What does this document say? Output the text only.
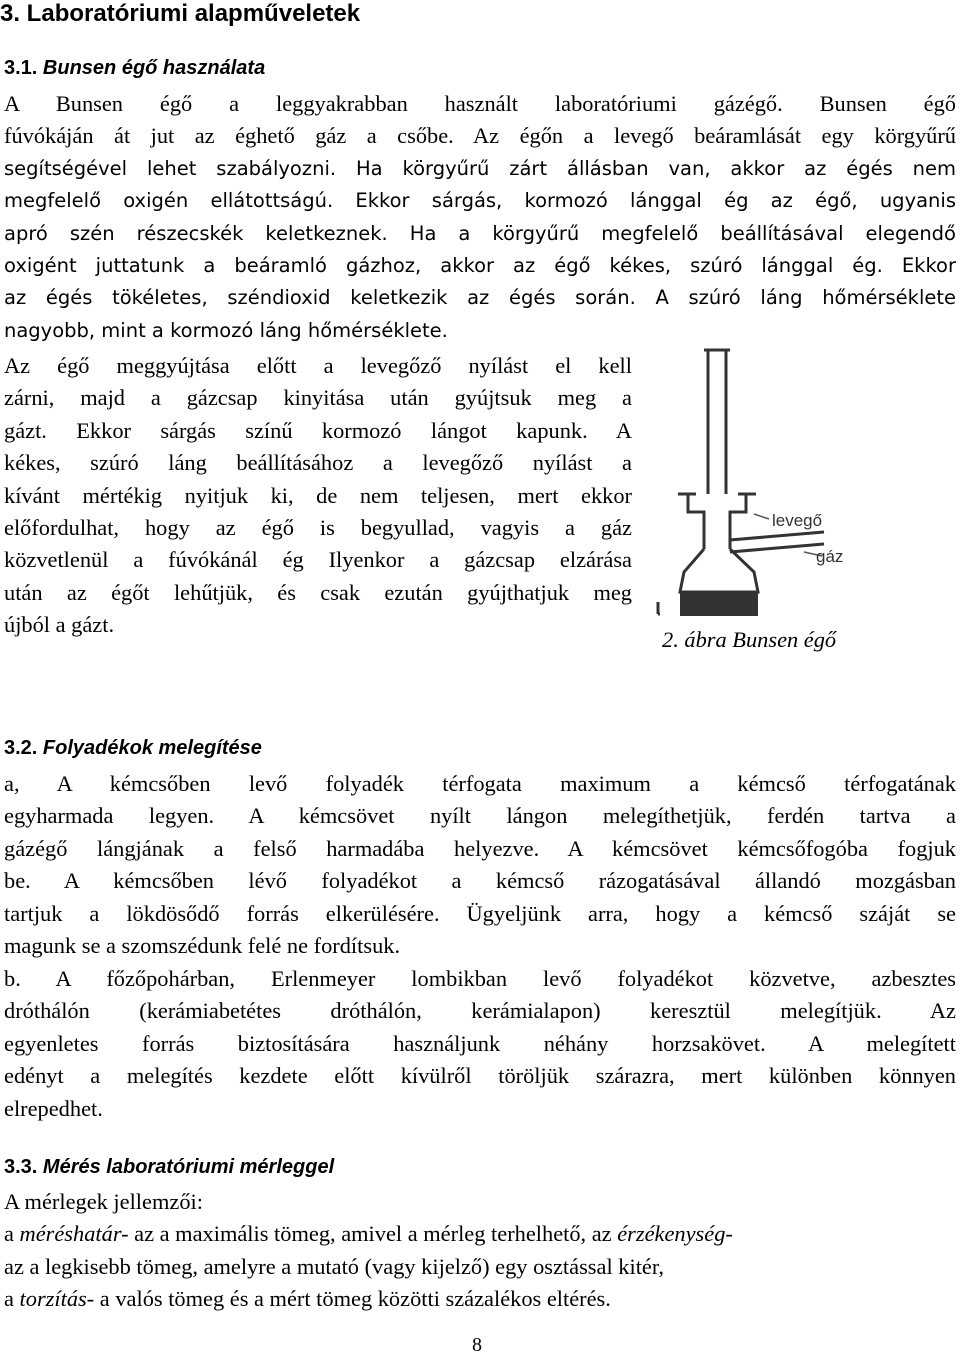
3. Laboratóriumi alapműveletek
3.1. Bunsen égő használata
A Bunsen égő a leggyakrabban használt laboratóriumi gázégő. Bunsen égő
fúvókáján át jut az éghető gáz a csőbe. Az égőn a levegő beáramlását egy körgyűrű
segítségével lehet szabályozni. Ha körgyűrű zárt állásban van, akkor az égés nem
megfelelő oxigén ellátottságú. Ekkor sárgás, kormozó lánggal ég az égő, ugyanis
apró szén részecskék keletkeznek. Ha a körgyűrű megfelelő beállításával elegendő
oxigént juttatunk a beáramló gázhoz, akkor az égő kékes, szúró lánggal ég. Ekkor
az égés tökéletes, széndioxid keletkezik az égés során. A szúró láng hőmérséklete
nagyobb, mint a kormozó láng hőmérséklete.
Az égő meggyújtása előtt a levegőző nyílást el kell
zárni, majd a gázcsap kinyitása után gyújtsuk meg a
gázt. Ekkor sárgás színű kormozó lángot kapunk. A
kékes, szúró láng beállításához a levegőző nyílást a
kívánt mértékig nyitjuk ki, de nem teljesen, mert ekkor
előfordulhat, hogy az égő is begyullad, vagyis a gáz
közvetlenül a fúvókánál ég Ilyenkor a gázcsap elzárása
után az égőt lehűtjük, és csak ezután gyújthatjuk meg
újból a gázt.
levegő
gáz
2. ábra Bunsen égő
3.2. Folyadékok melegítése
a, A kémcsőben levő folyadék térfogata maximum a kémcső térfogatának
egyharmada legyen. A kémcsövet nyílt lángon melegíthetjük, ferdén tartva a
gázégő lángjának a felső harmadába helyezve. A kémcsövet kémcsőfogóba fogjuk
be. A kémcsőben lévő folyadékot a kémcső rázogatásával állandó mozgásban
tartjuk a lökdösődő forrás elkerülésére. Ügyeljünk arra, hogy a kémcső száját se
magunk se a szomszédunk felé ne fordítsuk.
b. A főzőpohárban, Erlenmeyer lombikban levő folyadékot közvetve, azbesztes
dróthálón (kerámiabetétes dróthálón, kerámialapon) keresztül melegítjük. Az
egyenletes forrás biztosítására használjunk néhány horzsakövet. A melegített
edényt a melegítés kezdete előtt kívülről töröljük szárazra, mert különben könnyen
elrepedhet.
3.3. Mérés laboratóriumi mérleggel
A mérlegek jellemzői:
a méréshatár- az a maximális tömeg, amivel a mérleg terhelhető, az érzékenység-
az a legkisebb tömeg, amelyre a mutató (vagy kijelző) egy osztással kitér,
a torzítás- a valós tömeg és a mért tömeg közötti százalékos eltérés.
8
